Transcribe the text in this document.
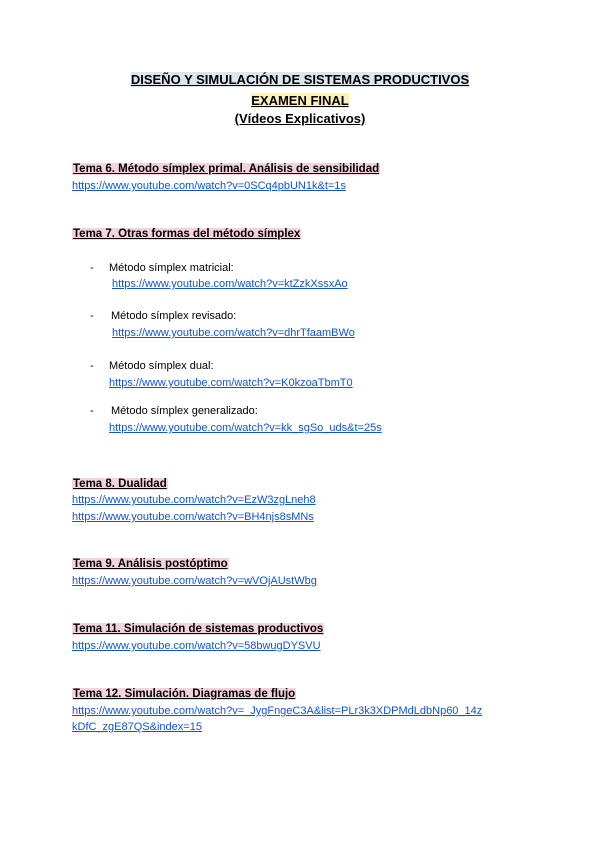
DISEÑO Y SIMULACIÓN DE SISTEMAS PRODUCTIVOS
EXAMEN FINAL
(Vídeos Explicativos)
Tema 6. Método símplex primal. Análisis de sensibilidad
https://www.youtube.com/watch?v=0SCq4pbUN1k&t=1s
Tema 7. Otras formas del método símplex
- Método símplex matricial:
https://www.youtube.com/watch?v=ktZzkXssxAo
- Método símplex revisado:
https://www.youtube.com/watch?v=dhrTfaamBWo
- Método símplex dual:
https://www.youtube.com/watch?v=K0kzoaTbmT0
- Método símplex generalizado:
https://www.youtube.com/watch?v=kk_sgSo_uds&t=25s
Tema 8. Dualidad
https://www.youtube.com/watch?v=EzW3zgLneh8
https://www.youtube.com/watch?v=BH4njs8sMNs
Tema 9. Análisis postóptimo
https://www.youtube.com/watch?v=wVOjAUstWbg
Tema 11. Simulación de sistemas productivos
https://www.youtube.com/watch?v=58bwugDYSVU
Tema 12. Simulación. Diagramas de flujo
https://www.youtube.com/watch?v=_JygFngeC3A&list=PLr3k3XDPMdLdbNp60_14z
kDfC_zgE87QS&index=15
